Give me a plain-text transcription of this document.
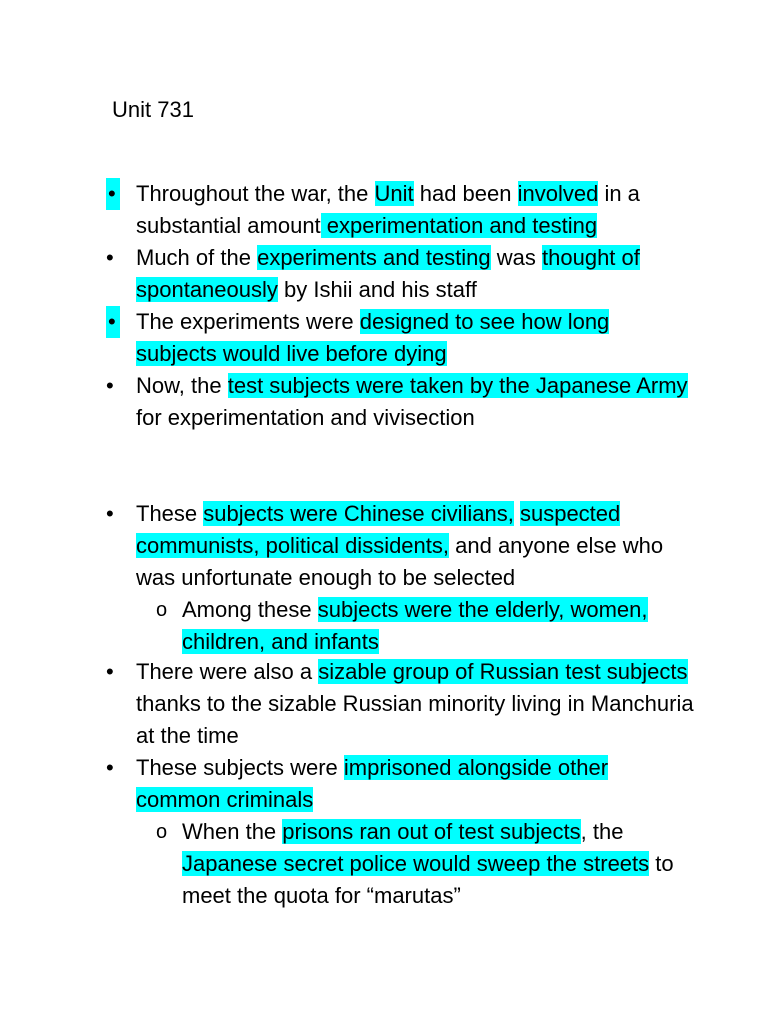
Unit 731
• Throughout the war, the Unit had been involved in a substantial amount experimentation and testing
• Much of the experiments and testing was thought of spontaneously by Ishii and his staff
• The experiments were designed to see how long subjects would live before dying
• Now, the test subjects were taken by the Japanese Army for experimentation and vivisection
• These subjects were Chinese civilians, suspected communists, political dissidents, and anyone else who was unfortunate enough to be selected
o Among these subjects were the elderly, women, children, and infants
• There were also a sizable group of Russian test subjects thanks to the sizable Russian minority living in Manchuria at the time
• These subjects were imprisoned alongside other common criminals
o When the prisons ran out of test subjects, the Japanese secret police would sweep the streets to meet the quota for “marutas”
